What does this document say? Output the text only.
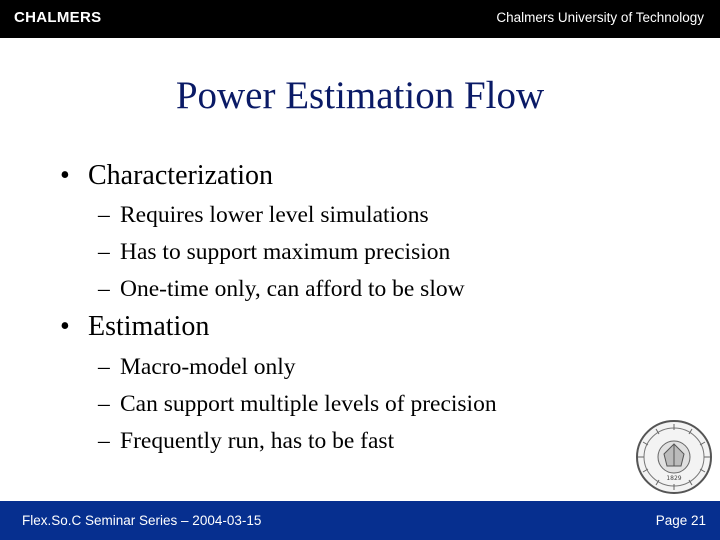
CHALMERS	Chalmers University of Technology
Power Estimation Flow
• Characterization
– Requires lower level simulations
– Has to support maximum precision
– One-time only, can afford to be slow
• Estimation
– Macro-model only
– Can support multiple levels of precision
– Frequently run, has to be fast
1829
Flex.So.C Seminar Series – 2004-03-15	Page 21
